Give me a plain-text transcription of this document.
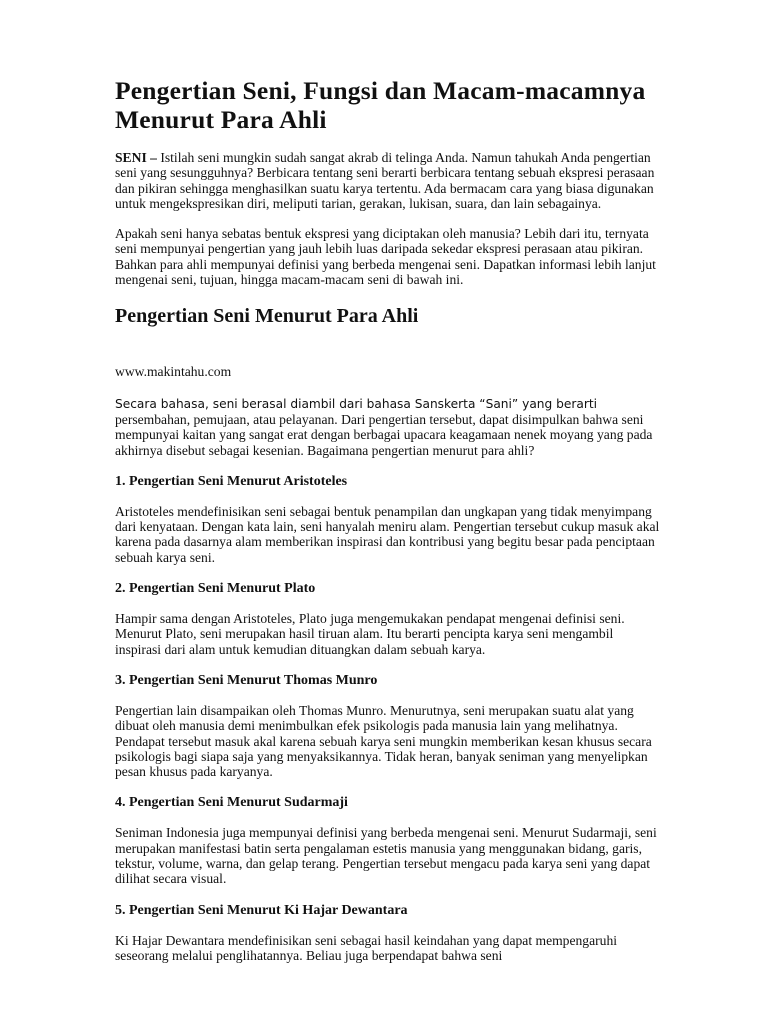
Pengertian Seni, Fungsi dan Macam-macamnya Menurut Para Ahli

SENI – Istilah seni mungkin sudah sangat akrab di telinga Anda. Namun tahukah Anda pengertian seni yang sesungguhnya? Berbicara tentang seni berarti berbicara tentang sebuah ekspresi perasaan dan pikiran sehingga menghasilkan suatu karya tertentu. Ada bermacam cara yang biasa digunakan untuk mengekspresikan diri, meliputi tarian, gerakan, lukisan, suara, dan lain sebagainya.

Apakah seni hanya sebatas bentuk ekspresi yang diciptakan oleh manusia? Lebih dari itu, ternyata seni mempunyai pengertian yang jauh lebih luas daripada sekedar ekspresi perasaan atau pikiran. Bahkan para ahli mempunyai definisi yang berbeda mengenai seni. Dapatkan informasi lebih lanjut mengenai seni, tujuan, hingga macam-macam seni di bawah ini.

Pengertian Seni Menurut Para Ahli

www.makintahu.com

Secara bahasa, seni berasal diambil dari bahasa Sanskerta “Sani” yang berarti persembahan, pemujaan, atau pelayanan. Dari pengertian tersebut, dapat disimpulkan bahwa seni mempunyai kaitan yang sangat erat dengan berbagai upacara keagamaan nenek moyang yang pada akhirnya disebut sebagai kesenian. Bagaimana pengertian menurut para ahli?

1. Pengertian Seni Menurut Aristoteles

Aristoteles mendefinisikan seni sebagai bentuk penampilan dan ungkapan yang tidak menyimpang dari kenyataan. Dengan kata lain, seni hanyalah meniru alam. Pengertian tersebut cukup masuk akal karena pada dasarnya alam memberikan inspirasi dan kontribusi yang begitu besar pada penciptaan sebuah karya seni.

2. Pengertian Seni Menurut Plato

Hampir sama dengan Aristoteles, Plato juga mengemukakan pendapat mengenai definisi seni. Menurut Plato, seni merupakan hasil tiruan alam. Itu berarti pencipta karya seni mengambil inspirasi dari alam untuk kemudian dituangkan dalam sebuah karya.

3. Pengertian Seni Menurut Thomas Munro

Pengertian lain disampaikan oleh Thomas Munro. Menurutnya, seni merupakan suatu alat yang dibuat oleh manusia demi menimbulkan efek psikologis pada manusia lain yang melihatnya. Pendapat tersebut masuk akal karena sebuah karya seni mungkin memberikan kesan khusus secara psikologis bagi siapa saja yang menyaksikannya. Tidak heran, banyak seniman yang menyelipkan pesan khusus pada karyanya.

4. Pengertian Seni Menurut Sudarmaji

Seniman Indonesia juga mempunyai definisi yang berbeda mengenai seni. Menurut Sudarmaji, seni merupakan manifestasi batin serta pengalaman estetis manusia yang menggunakan bidang, garis, tekstur, volume, warna, dan gelap terang. Pengertian tersebut mengacu pada karya seni yang dapat dilihat secara visual.

5. Pengertian Seni Menurut Ki Hajar Dewantara

Ki Hajar Dewantara mendefinisikan seni sebagai hasil keindahan yang dapat mempengaruhi seseorang melalui penglihatannya. Beliau juga berpendapat bahwa seni
